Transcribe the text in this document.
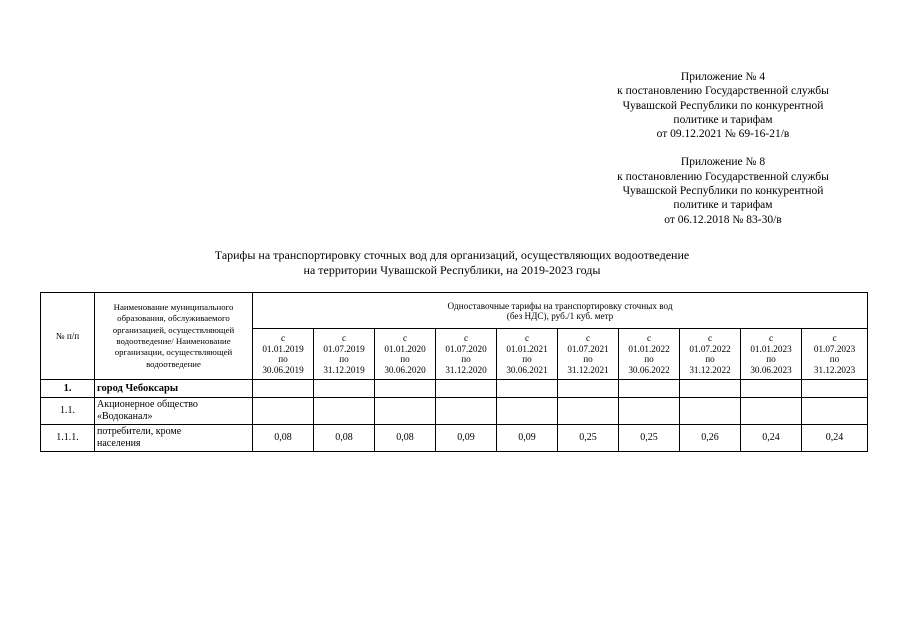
Приложение № 4
к постановлению Государственной службы
Чувашской Республики по конкурентной
политике и тарифам
от 09.12.2021 № 69-16-21/в
Приложение № 8
к постановлению Государственной службы
Чувашской Республики по конкурентной
политике и тарифам
от 06.12.2018 № 83-30/в
Тарифы на транспортировку сточных вод для организаций, осуществляющих водоотведение
на территории Чувашской Республики, на 2019-2023 годы
№ п/п	Наименование муниципального образования, обслуживаемого организацией, осуществляющей водоотведение/ Наименование организации, осуществляющей водоотведение	Одноставочные тарифы на транспортировку сточных вод
(без НДС), руб./1 куб. метр									

		с
01.01.2019
по
30.06.2019	с
01.07.2019
по
31.12.2019	с
01.01.2020
по
30.06.2020	с
01.07.2020
по
31.12.2020	с
01.01.2021
по
30.06.2021	с
01.07.2021
по
31.12.2021	с
01.01.2022
по
30.06.2022	с
01.07.2022
по
31.12.2022	с
01.01.2023
по
30.06.2023	с
01.07.2023
по
31.12.2023

1.	город Чебоксары										
1.1.	Акционерное общество
«Водоканал»										

1.1.1.	потребители, кроме
населения	0,08	0,08	0,08	0,09	0,09	0,25	0,25	0,26	0,24	0,24
